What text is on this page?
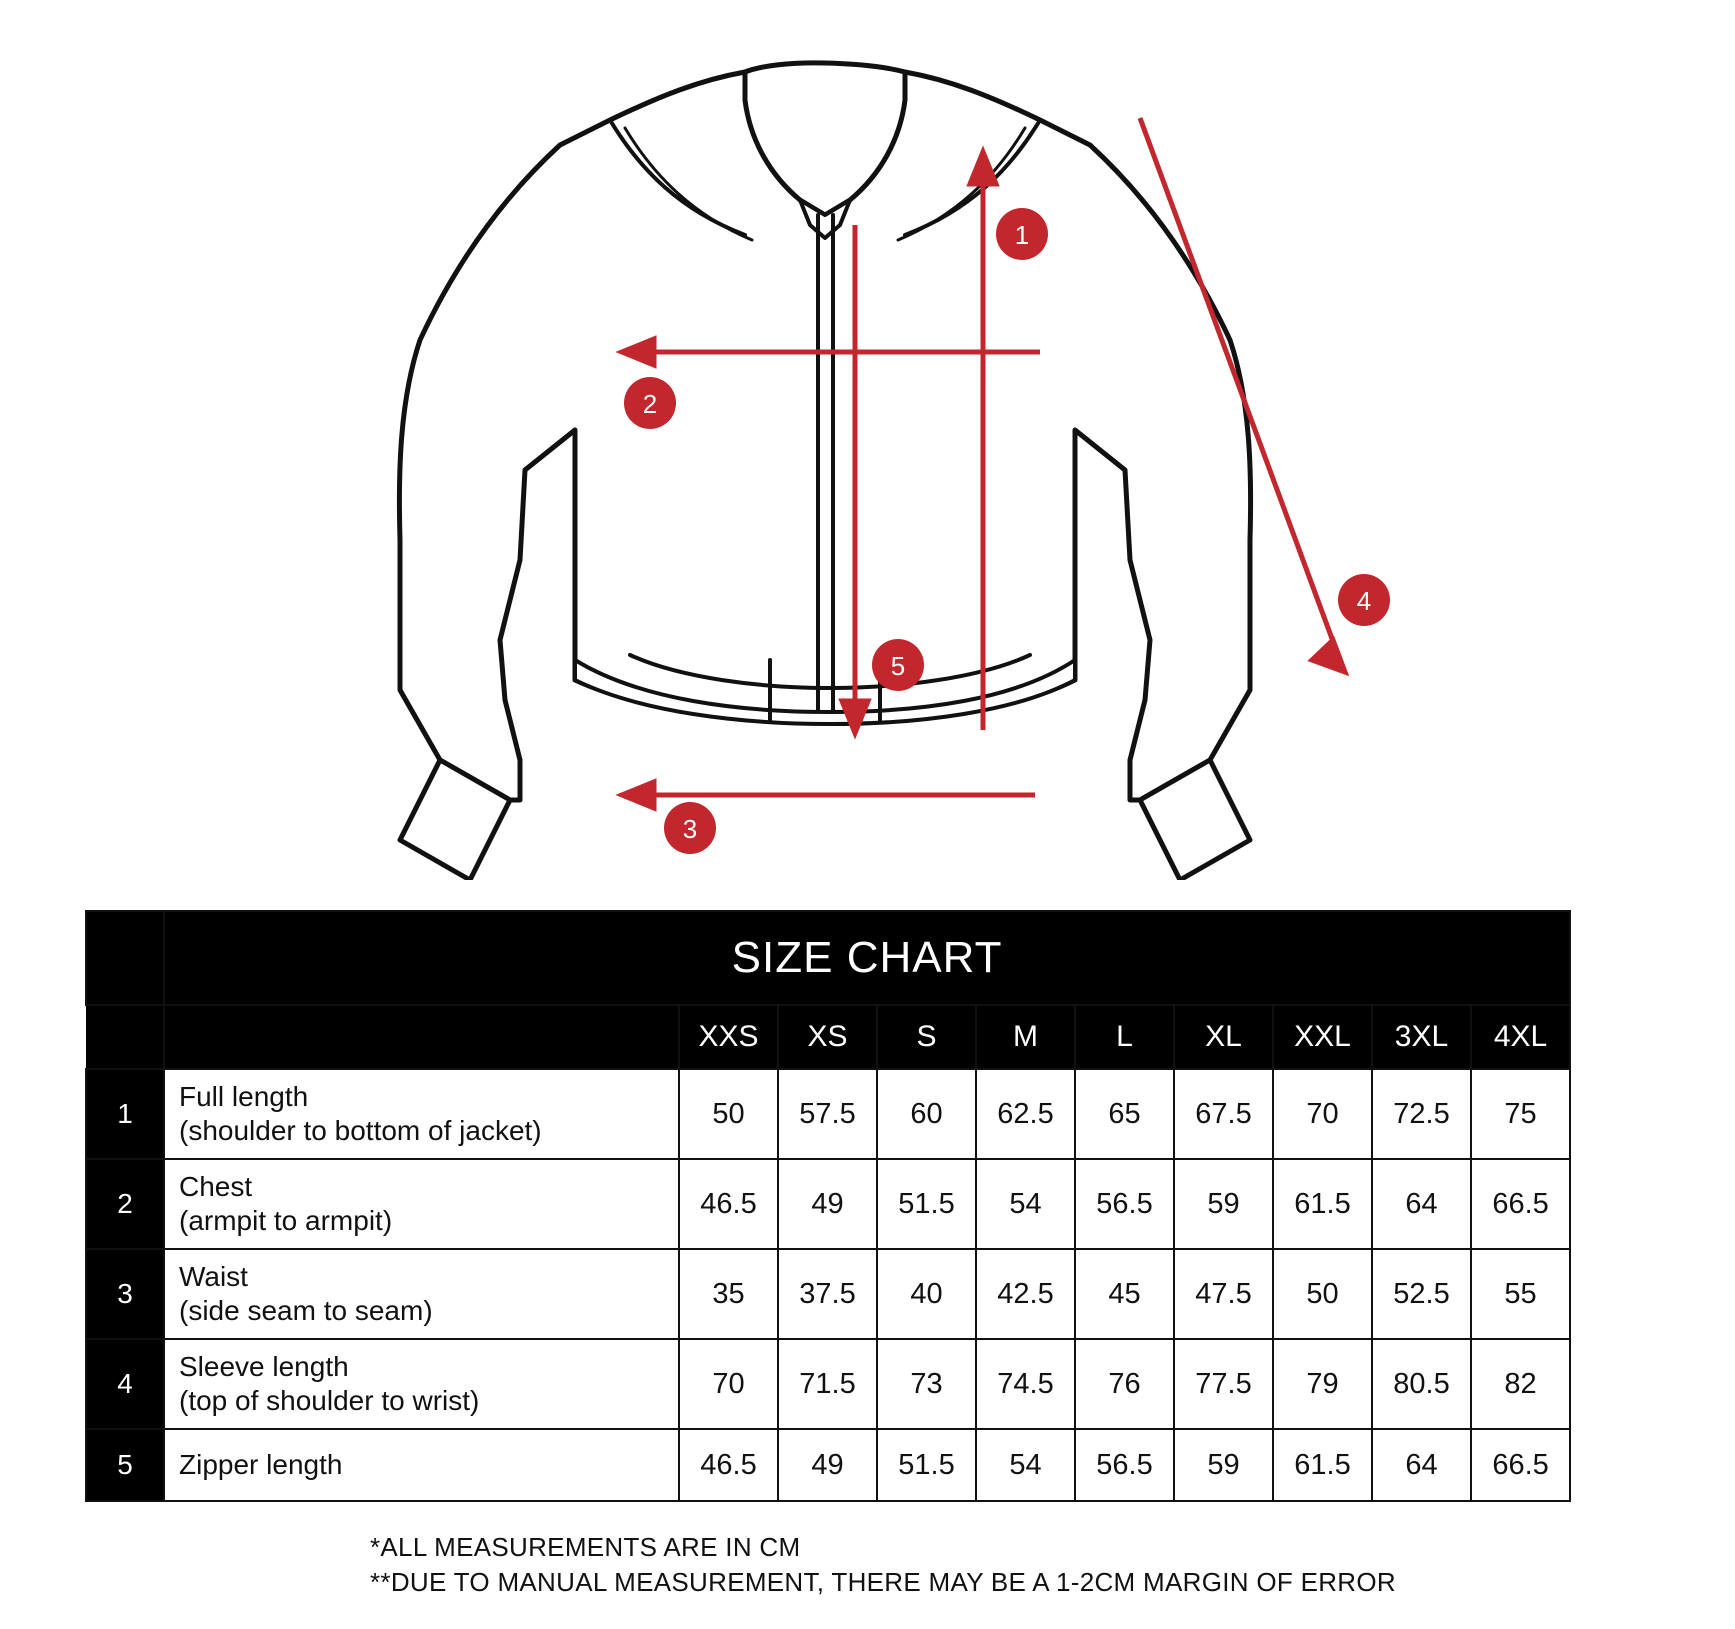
1
2
3
4
5
	SIZE CHART									
		XXS	XS	S	M	L	XL	XXL	3XL	4XL
1	Full length
(shoulder to bottom of jacket)	50	57.5	60	62.5	65	67.5	70	72.5	75
2	Chest
(armpit to armpit)	46.5	49	51.5	54	56.5	59	61.5	64	66.5
3	Waist
(side seam to seam)	35	37.5	40	42.5	45	47.5	50	52.5	55
4	Sleeve length
(top of shoulder to wrist)	70	71.5	73	74.5	76	77.5	79	80.5	82
5	Zipper length	46.5	49	51.5	54	56.5	59	61.5	64	66.5
*ALL MEASUREMENTS ARE IN CM
**DUE TO MANUAL MEASUREMENT, THERE MAY BE A 1-2CM MARGIN OF ERROR
